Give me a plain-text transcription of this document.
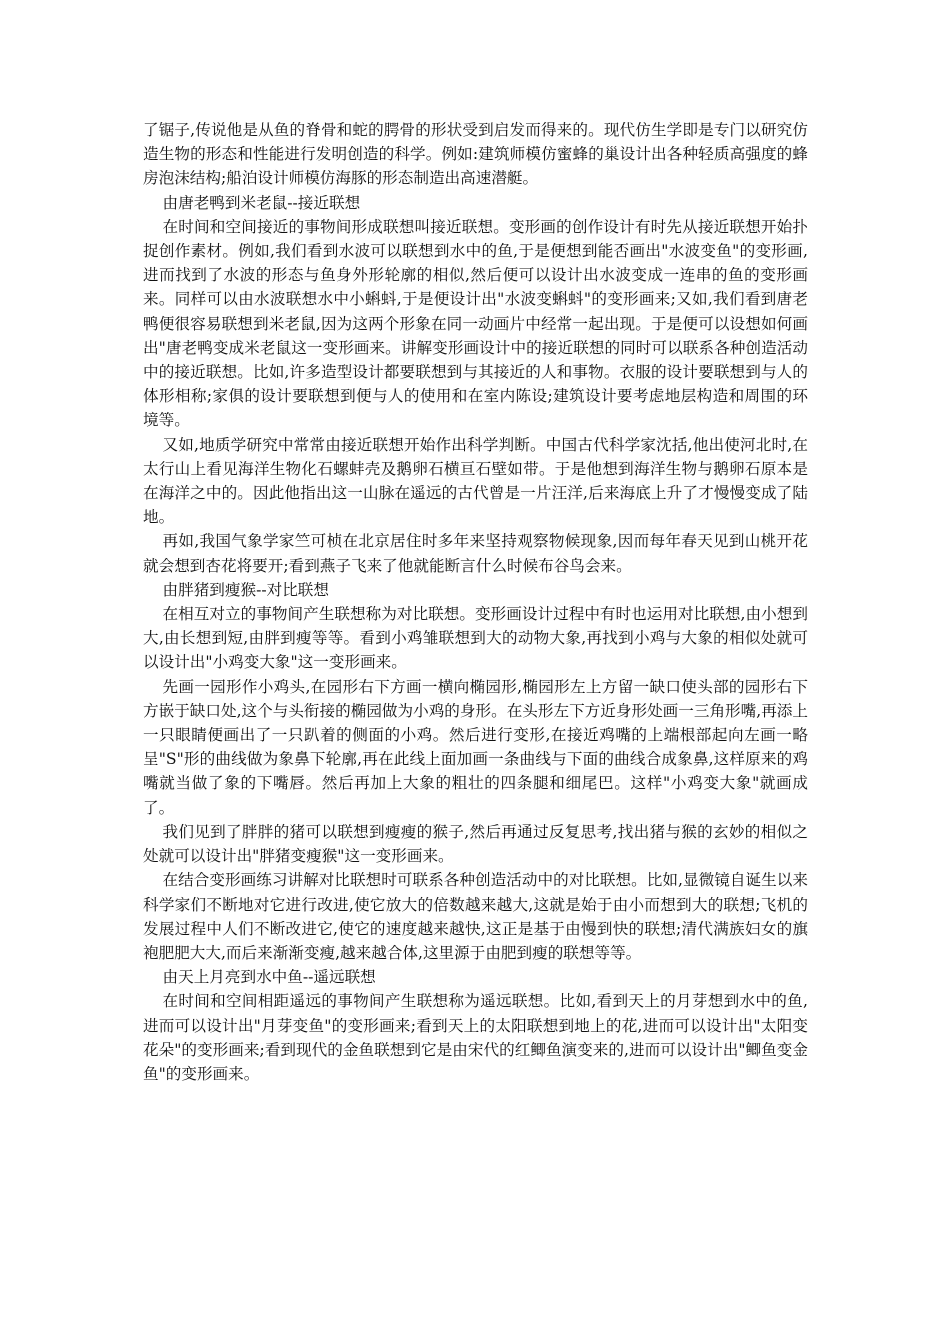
了锯子,传说他是从鱼的脊骨和蛇的腭骨的形状受到启发而得来的。现代仿生学即是专门以研究仿造生物的形态和性能进行发明创造的科学。例如:建筑师模仿蜜蜂的巢设计出各种轻质高强度的蜂房泡沫结构;船泊设计师模仿海豚的形态制造出高速潜艇。

由唐老鸭到米老鼠--接近联想

在时间和空间接近的事物间形成联想叫接近联想。变形画的创作设计有时先从接近联想开始扑捉创作素材。例如,我们看到水波可以联想到水中的鱼,于是便想到能否画出"水波变鱼"的变形画,进而找到了水波的形态与鱼身外形轮廓的相似,然后便可以设计出水波变成一连串的鱼的变形画来。同样可以由水波联想水中小蝌蚪,于是便设计出"水波变蝌蚪"的变形画来;又如,我们看到唐老鸭便很容易联想到米老鼠,因为这两个形象在同一动画片中经常一起出现。于是便可以设想如何画出"唐老鸭变成米老鼠这一变形画来。讲解变形画设计中的接近联想的同时可以联系各种创造活动中的接近联想。比如,许多造型设计都要联想到与其接近的人和事物。衣服的设计要联想到与人的体形相称;家俱的设计要联想到便与人的使用和在室内陈设;建筑设计要考虑地层构造和周围的环境等。

又如,地质学研究中常常由接近联想开始作出科学判断。中国古代科学家沈括,他出使河北时,在太行山上看见海洋生物化石螺蚌壳及鹅卵石横亘石壁如带。于是他想到海洋生物与鹅卵石原本是在海洋之中的。因此他指出这一山脉在遥远的古代曾是一片汪洋,后来海底上升了才慢慢变成了陆地。

再如,我国气象学家竺可桢在北京居住时多年来坚持观察物候现象,因而每年春天见到山桃开花就会想到杏花将要开;看到燕子飞来了他就能断言什么时候布谷鸟会来。

由胖猪到瘦猴--对比联想

在相互对立的事物间产生联想称为对比联想。变形画设计过程中有时也运用对比联想,由小想到大,由长想到短,由胖到瘦等等。看到小鸡雏联想到大的动物大象,再找到小鸡与大象的相似处就可以设计出"小鸡变大象"这一变形画来。

先画一园形作小鸡头,在园形右下方画一横向椭园形,椭园形左上方留一缺口使头部的园形右下方嵌于缺口处,这个与头衔接的椭园做为小鸡的身形。在头形左下方近身形处画一三角形嘴,再添上一只眼睛便画出了一只趴着的侧面的小鸡。然后进行变形,在接近鸡嘴的上端根部起向左画一略呈"S"形的曲线做为象鼻下轮廓,再在此线上面加画一条曲线与下面的曲线合成象鼻,这样原来的鸡嘴就当做了象的下嘴唇。然后再加上大象的粗壮的四条腿和细尾巴。这样"小鸡变大象"就画成了。

我们见到了胖胖的猪可以联想到瘦瘦的猴子,然后再通过反复思考,找出猪与猴的玄妙的相似之处就可以设计出"胖猪变瘦猴"这一变形画来。

在结合变形画练习讲解对比联想时可联系各种创造活动中的对比联想。比如,显微镜自诞生以来科学家们不断地对它进行改进,使它放大的倍数越来越大,这就是始于由小而想到大的联想;飞机的发展过程中人们不断改进它,使它的速度越来越快,这正是基于由慢到快的联想;清代满族妇女的旗袍肥肥大大,而后来渐渐变瘦,越来越合体,这里源于由肥到瘦的联想等等。

由天上月亮到水中鱼--遥远联想

在时间和空间相距遥远的事物间产生联想称为遥远联想。比如,看到天上的月芽想到水中的鱼,进而可以设计出"月芽变鱼"的变形画来;看到天上的太阳联想到地上的花,进而可以设计出"太阳变花朵"的变形画来;看到现代的金鱼联想到它是由宋代的红鲫鱼演变来的,进而可以设计出"鲫鱼变金鱼"的变形画来。
